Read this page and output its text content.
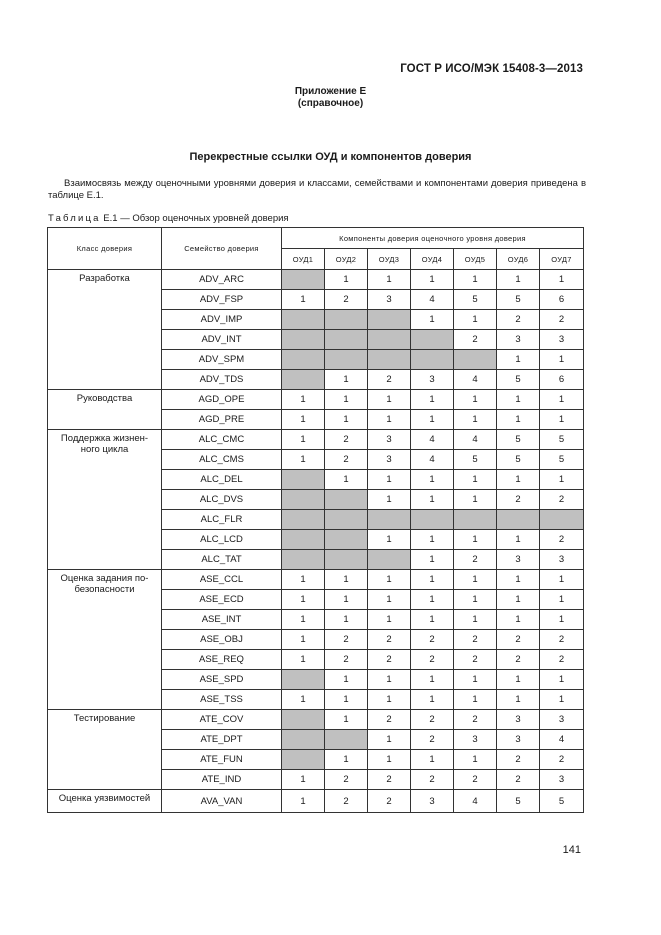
ГОСТ Р ИСО/МЭК 15408-3—2013
Приложение Е
(справочное)
Перекрестные ссылки ОУД и компонентов доверия
Взаимосвязь между оценочными уровнями доверия и классами, семействами и компонентами доверия приведена в таблице Е.1.
Таблица Е.1 — Обзор оценочных уровней доверия
Класс доверия	Семейство доверия	Компоненты доверия оценочного уровня доверия						
		ОУД1	ОУД2	ОУД3	ОУД4	ОУД5	ОУД6	ОУД7
Разработка	ADV_ARC		1	1	1	1	1	1
	ADV_FSP	1	2	3	4	5	5	6
	ADV_IMP				1	1	2	2
	ADV_INT					2	3	3
	ADV_SPM						1	1
	ADV_TDS		1	2	3	4	5	6
Руководства	AGD_OPE	1	1	1	1	1	1	1
	AGD_PRE	1	1	1	1	1	1	1
Поддержка жизнен-
ного цикла	ALC_CMC	1	2	3	4	4	5	5
	ALC_CMS	1	2	3	4	5	5	5
	ALC_DEL		1	1	1	1	1	1
	ALC_DVS			1	1	1	2	2
	ALC_FLR							
	ALC_LCD			1	1	1	1	2
	ALC_TAT				1	2	3	3
Оценка задания по-
безопасности	ASE_CCL	1	1	1	1	1	1	1
	ASE_ECD	1	1	1	1	1	1	1
	ASE_INT	1	1	1	1	1	1	1
	ASE_OBJ	1	2	2	2	2	2	2
	ASE_REQ	1	2	2	2	2	2	2
	ASE_SPD		1	1	1	1	1	1
	ASE_TSS	1	1	1	1	1	1	1
Тестирование	ATE_COV		1	2	2	2	3	3
	ATE_DPT			1	2	3	3	4
	ATE_FUN		1	1	1	1	2	2
	ATE_IND	1	2	2	2	2	2	3
Оценка уязвимостей	AVA_VAN	1	2	2	3	4	5	5
141
